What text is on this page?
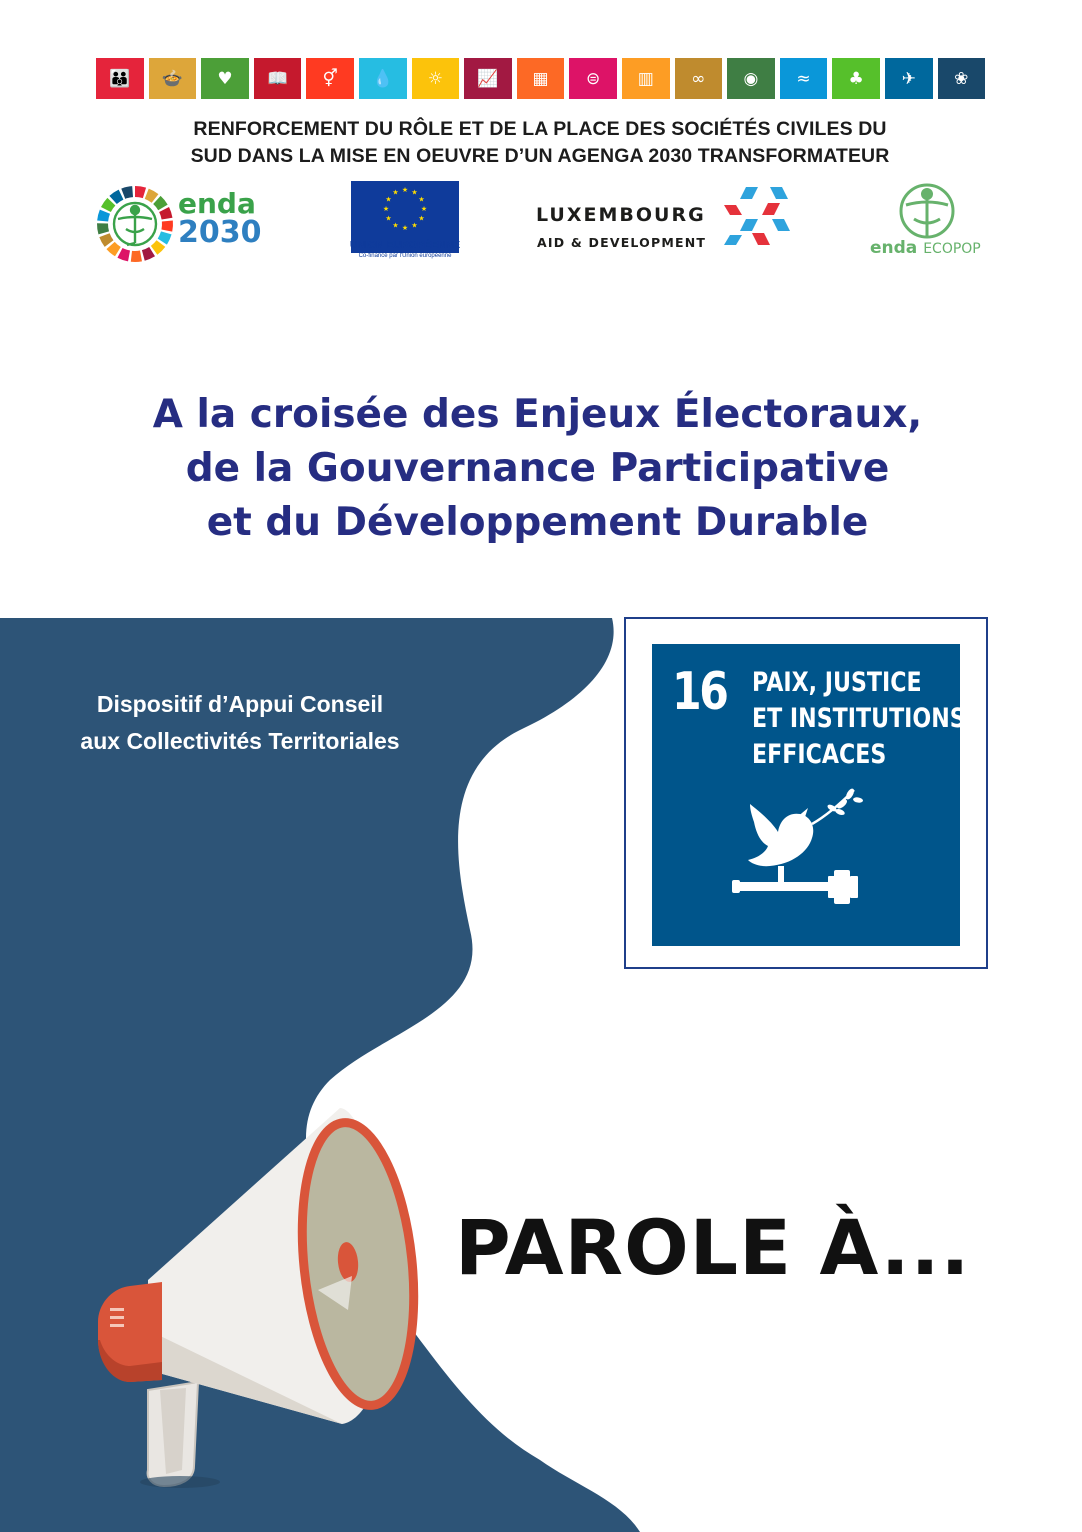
👪	🍲	♥	📖	⚥	💧	☼	📈	▦	⊜	▥	∞	◉	≈	♣	✈	❀
RENFORCEMENT DU RÔLE ET DE LA PLACE DES SOCIÉTÉS CIVILES DU
SUD DANS LA MISE EN OEUVRE D’UN AGENGA 2030 TRANSFORMATEUR
enda
2030
★
★
★
★
★
★
★
★
★ ★ ★
★
UNION EUROPÉENNE
Co-financé par l'Union européenne
LUXEMBOURG
AID & DEVELOPMENT	enda ECOPOP
A la croisée des Enjeux Électoraux,
de la Gouvernance Participative
et du Développement Durable
Dispositif d’Appui Conseil
aux Collectivités Territoriales
16 PAIX, JUSTICE
ET INSTITUTIONS
EFFICACES
PAROLE À...
